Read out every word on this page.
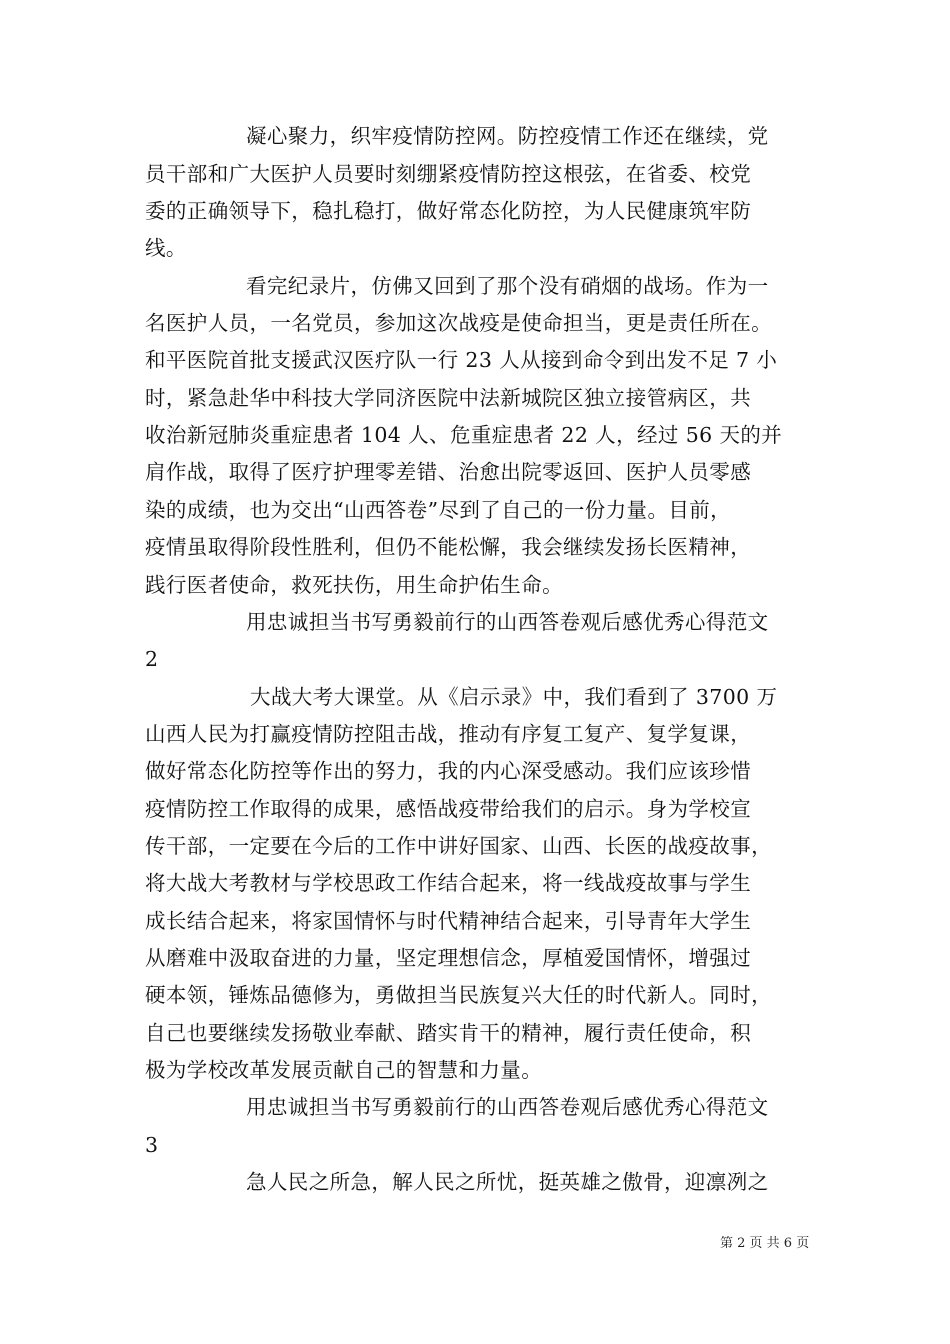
凝心聚力，织牢疫情防控网。防控疫情工作还在继续，党
员干部和广大医护人员要时刻绷紧疫情防控这根弦，在省委、校党
委的正确领导下，稳扎稳打，做好常态化防控，为人民健康筑牢防
线。
看完纪录片，仿佛又回到了那个没有硝烟的战场。作为一
名医护人员，一名党员，参加这次战疫是使命担当，更是责任所在。
和平医院首批支援武汉医疗队一行 23 人从接到命令到出发不足 7 小
时，紧急赴华中科技大学同济医院中法新城院区独立接管病区，共
收治新冠肺炎重症患者 104 人、危重症患者 22 人，经过 56 天的并
肩作战，取得了医疗护理零差错、治愈出院零返回、医护人员零感
染的成绩，也为交出“山西答卷”尽到了自己的一份力量。目前，
疫情虽取得阶段性胜利，但仍不能松懈，我会继续发扬长医精神，
践行医者使命，救死扶伤，用生命护佑生命。
用忠诚担当书写勇毅前行的山西答卷观后感优秀心得范文
2
大战大考大课堂。从《启示录》中，我们看到了 3700 万
山西人民为打赢疫情防控阻击战，推动有序复工复产、复学复课，
做好常态化防控等作出的努力，我的内心深受感动。我们应该珍惜
疫情防控工作取得的成果，感悟战疫带给我们的启示。身为学校宣
传干部，一定要在今后的工作中讲好国家、山西、长医的战疫故事，
将大战大考教材与学校思政工作结合起来，将一线战疫故事与学生
成长结合起来，将家国情怀与时代精神结合起来，引导青年大学生
从磨难中汲取奋进的力量，坚定理想信念，厚植爱国情怀，增强过
硬本领，锤炼品德修为，勇做担当民族复兴大任的时代新人。同时，
自己也要继续发扬敬业奉献、踏实肯干的精神，履行责任使命，积
极为学校改革发展贡献自己的智慧和力量。
用忠诚担当书写勇毅前行的山西答卷观后感优秀心得范文
3
急人民之所急，解人民之所忧，挺英雄之傲骨，迎凛冽之
第 2 页 共 6 页
